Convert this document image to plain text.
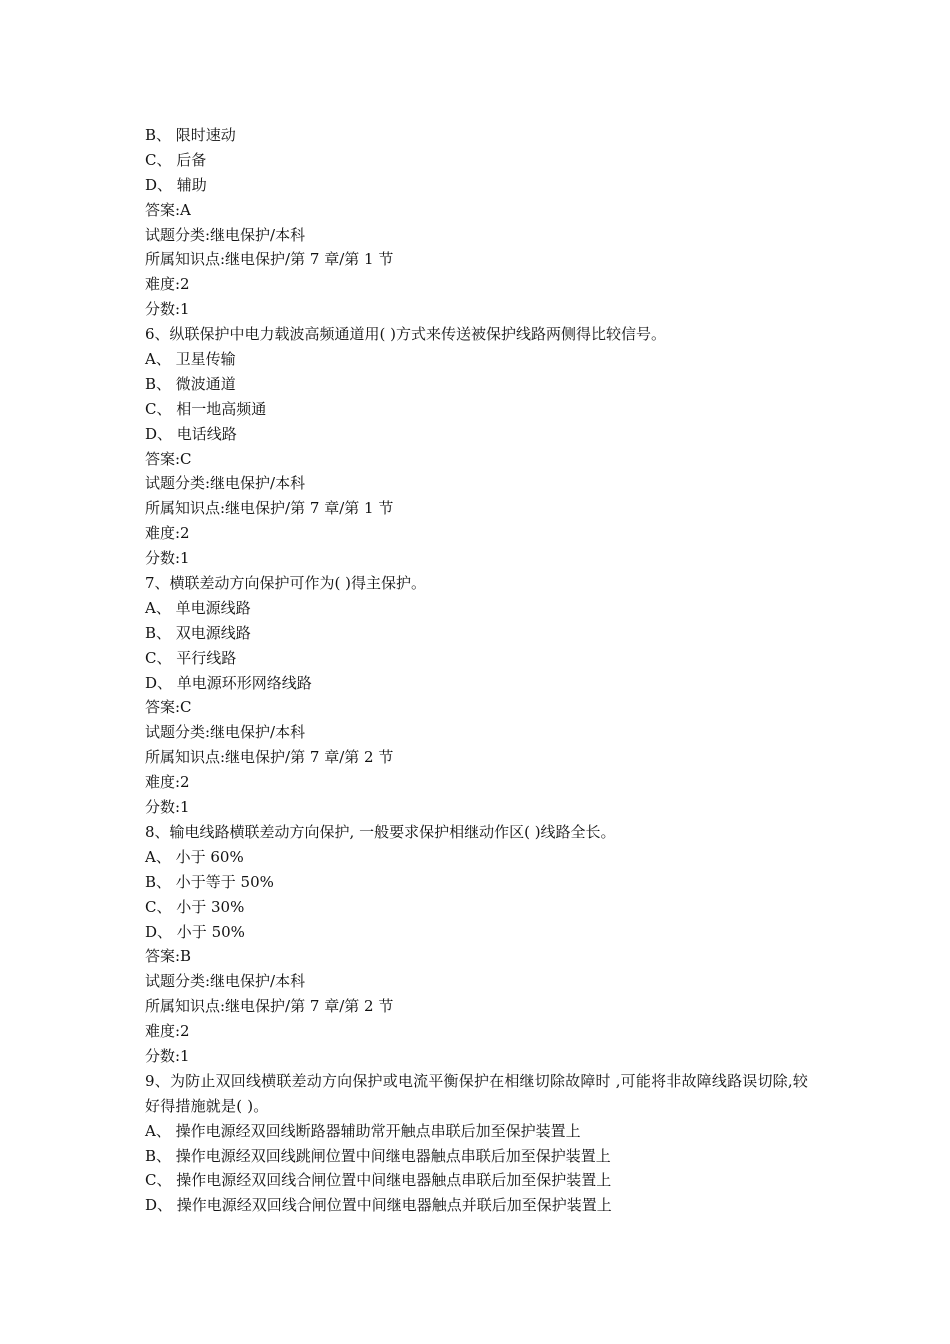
B、 限时速动
C、 后备
D、 辅助
答案:A
试题分类:继电保护/本科
所属知识点:继电保护/第 7 章/第 1 节
难度:2
分数:1
6、纵联保护中电力载波高频通道用( )方式来传送被保护线路两侧得比较信号。
A、 卫星传输
B、 微波通道
C、 相一地高频通
D、 电话线路
答案:C
试题分类:继电保护/本科
所属知识点:继电保护/第 7 章/第 1 节
难度:2
分数:1
7、横联差动方向保护可作为( )得主保护。
A、 单电源线路
B、 双电源线路
C、 平行线路
D、 单电源环形网络线路
答案:C
试题分类:继电保护/本科
所属知识点:继电保护/第 7 章/第 2 节
难度:2
分数:1
8、输电线路横联差动方向保护, 一般要求保护相继动作区( )线路全长。
A、 小于 60%
B、 小于等于 50%
C、 小于 30%
D、 小于 50%
答案:B
试题分类:继电保护/本科
所属知识点:继电保护/第 7 章/第 2 节
难度:2
分数:1
9、为防止双回线横联差动方向保护或电流平衡保护在相继切除故障时 ,可能将非故障线路误切除,较好得措施就是( )。
A、 操作电源经双回线断路器辅助常开触点串联后加至保护装置上
B、 操作电源经双回线跳闸位置中间继电器触点串联后加至保护装置上
C、 操作电源经双回线合闸位置中间继电器触点串联后加至保护装置上
D、 操作电源经双回线合闸位置中间继电器触点并联后加至保护装置上
